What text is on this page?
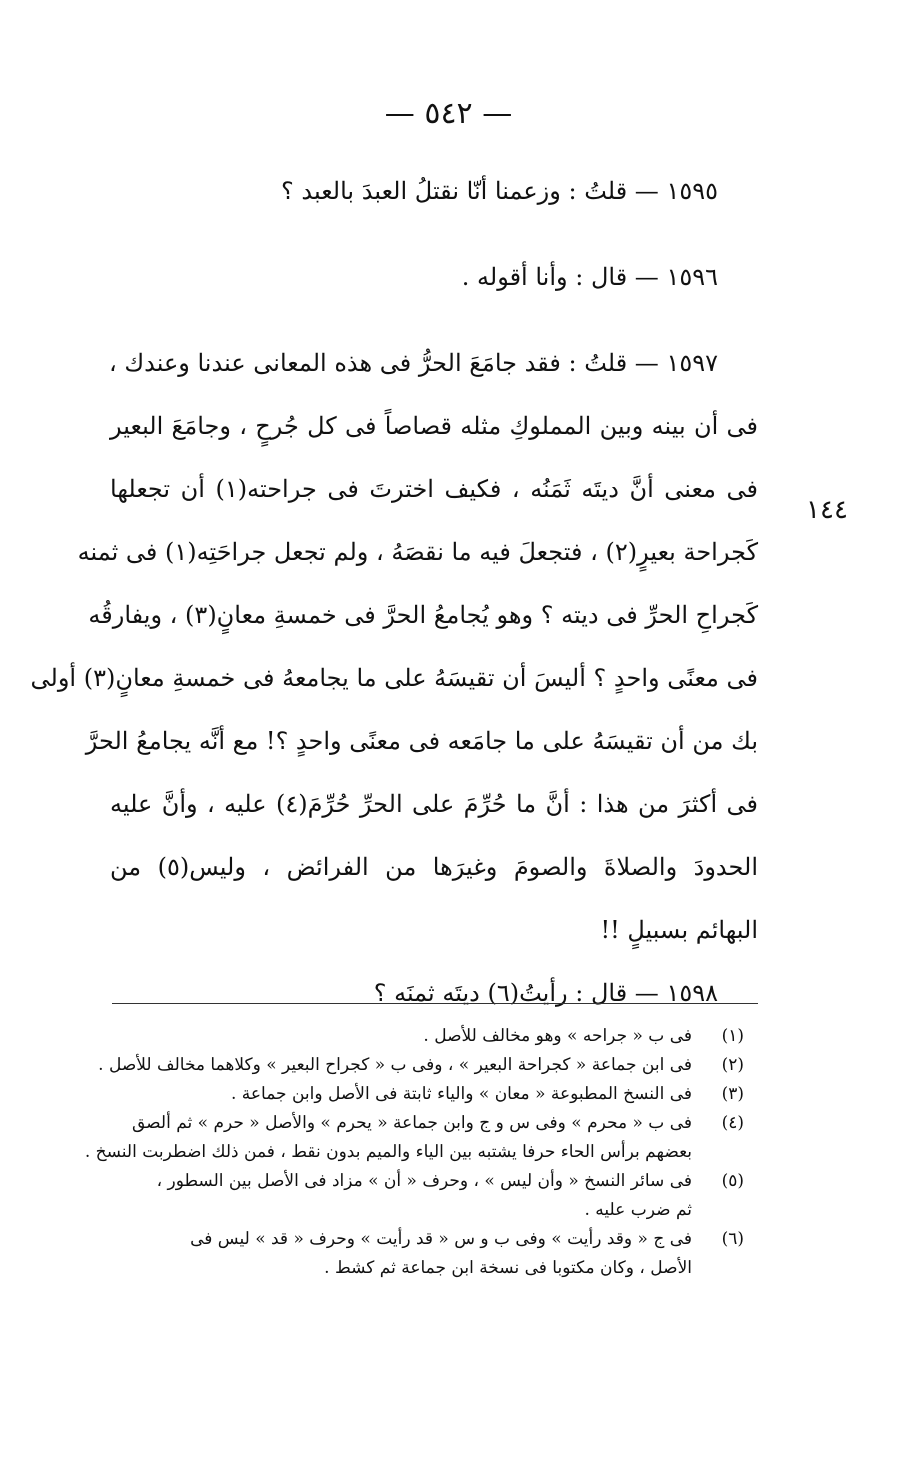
— ٥٤٢ —
١٤٤
١٥٩٥ — قلتُ : وزعمنا أنّا نقتلُ العبدَ بالعبد ؟
١٥٩٦ — قال : وأنا أقوله .
١٥٩٧ — قلتُ : فقد جامَعَ الحرُّ فى هذه المعانى عندنا وعندك ،
فى أن بينه وبين المملوكِ مثله قصاصاً فى كل جُرحٍ ، وجامَعَ البعير
فى معنى أنَّ ديتَه ثَمَنُه ، فكيف اخترتَ فى جراحته(١) أن تجعلها
كَجراحة بعيرٍ(٢) ، فتجعلَ فيه ما نقصَهُ ، ولم تجعل جراحَتِه(١) فى ثمنه
كَجراحِ الحرِّ فى ديته ؟ وهو يُجامعُ الحرَّ فى خمسةِ معانٍ(٣) ، ويفارقُه
فى معنًى واحدٍ ؟ أليسَ أن تقيسَهُ على ما يجامعهُ فى خمسةِ معانٍ(٣) أولى
بك من أن تقيسَهُ على ما جامَعه فى معنًى واحدٍ ؟! مع أنَّه يجامعُ الحرَّ
فى أكثرَ من هذا : أنَّ ما حُرِّمَ على الحرِّ حُرِّمَ(٤) عليه ، وأنَّ عليه
الحدودَ والصلاةَ والصومَ وغيرَها من الفرائض ، وليس(٥) من
البهائم بسبيلٍ !!
١٥٩٨ — قال : رأيتُ(٦) ديتَه ثمنَه ؟
(١)
فى ب « جراحه » وهو مخالف للأصل .
(٢)
فى ابن جماعة « كجراحة البعير » ، وفى ب « كجراح البعير » وكلاهما مخالف للأصل .
(٣)
فى النسخ المطبوعة « معان » والياء ثابتة فى الأصل وابن جماعة .
(٤)
فى ب « محرم » وفى س و ج وابن جماعة « يحرم » والأصل « حرم » ثم ألصق
بعضهم برأس الحاء حرفا يشتبه بين الياء والميم بدون نقط ، فمن ذلك اضطربت النسخ .
(٥)
فى سائر النسخ « وأن ليس » ، وحرف « أن » مزاد فى الأصل بين السطور ،
ثم ضرب عليه .
(٦)
فى ج « وقد رأيت » وفى ب و س « قد رأيت » وحرف « قد » ليس فى
الأصل ، وكان مكتوبا فى نسخة ابن جماعة ثم كشط .
